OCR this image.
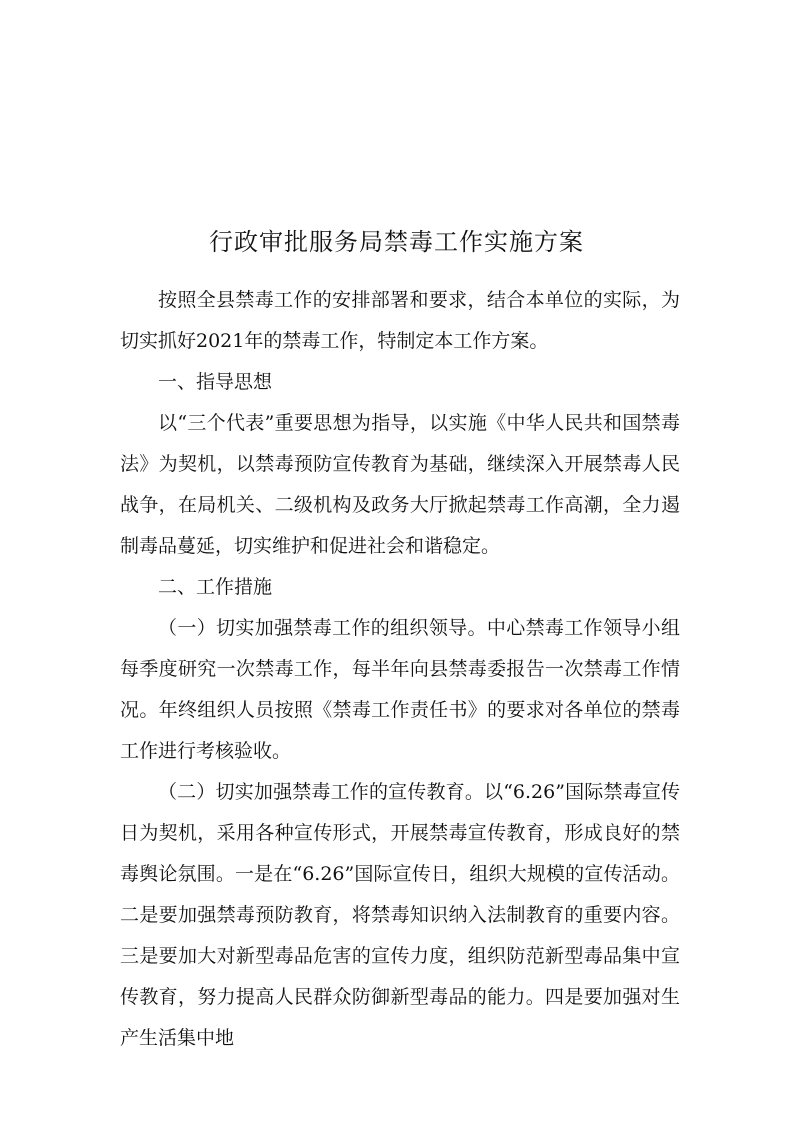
行政审批服务局禁毒工作实施方案

按照全县禁毒工作的安排部署和要求，结合本单位的实际，为切实抓好2021年的禁毒工作，特制定本工作方案。

一、指导思想

以“三个代表”重要思想为指导，以实施《中华人民共和国禁毒法》为契机，以禁毒预防宣传教育为基础，继续深入开展禁毒人民战争，在局机关、二级机构及政务大厅掀起禁毒工作高潮，全力遏制毒品蔓延，切实维护和促进社会和谐稳定。

二、工作措施

（一）切实加强禁毒工作的组织领导。中心禁毒工作领导小组每季度研究一次禁毒工作，每半年向县禁毒委报告一次禁毒工作情况。年终组织人员按照《禁毒工作责任书》的要求对各单位的禁毒工作进行考核验收。

（二）切实加强禁毒工作的宣传教育。以“6.26”国际禁毒宣传日为契机，采用各种宣传形式，开展禁毒宣传教育，形成良好的禁毒舆论氛围。一是在“6.26”国际宣传日，组织大规模的宣传活动。二是要加强禁毒预防教育，将禁毒知识纳入法制教育的重要内容。三是要加大对新型毒品危害的宣传力度，组织防范新型毒品集中宣传教育，努力提高人民群众防御新型毒品的能力。四是要加强对生产生活集中地
